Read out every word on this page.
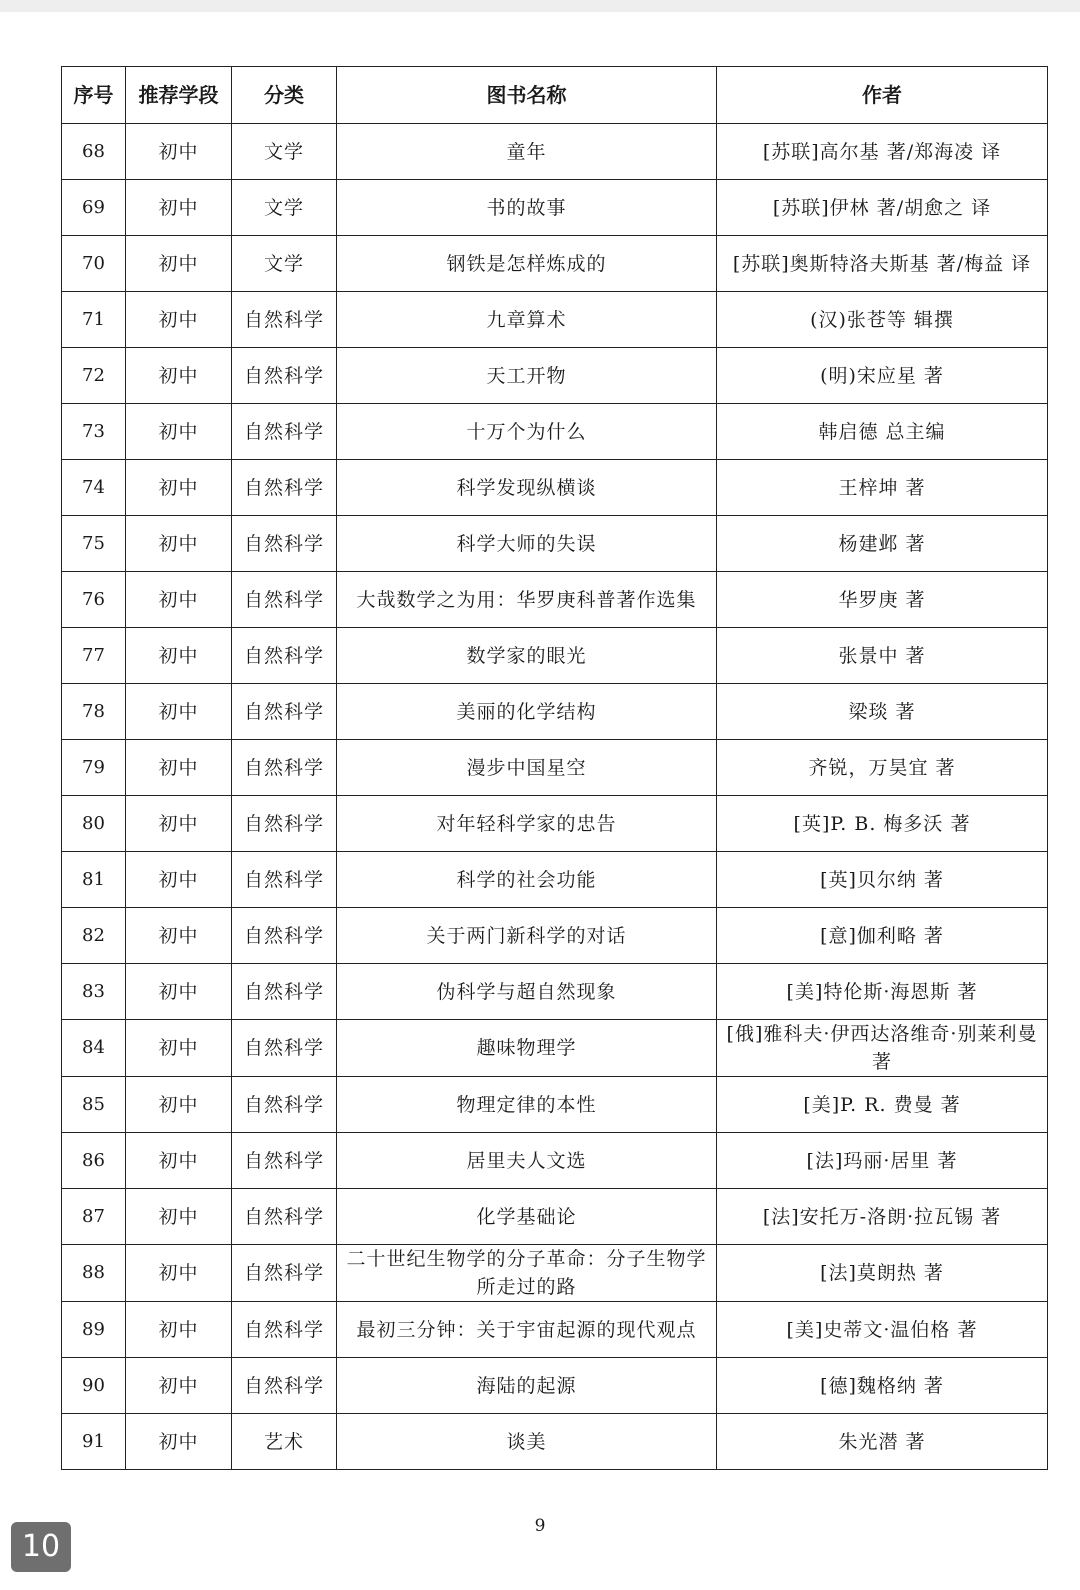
序号	推荐学段	分类	图书名称	作者
68	初中	文学	童年	[苏联]高尔基 著/郑海凌 译
69	初中	文学	书的故事	[苏联]伊林 著/胡愈之 译
70	初中	文学	钢铁是怎样炼成的	[苏联]奥斯特洛夫斯基 著/梅益 译
71	初中	自然科学	九章算术	(汉)张苍等 辑撰
72	初中	自然科学	天工开物	(明)宋应星 著
73	初中	自然科学	十万个为什么	韩启德 总主编
74	初中	自然科学	科学发现纵横谈	王梓坤 著
75	初中	自然科学	科学大师的失误	杨建邺 著
76	初中	自然科学	大哉数学之为用：华罗庚科普著作选集	华罗庚 著
77	初中	自然科学	数学家的眼光	张景中 著
78	初中	自然科学	美丽的化学结构	梁琰 著
79	初中	自然科学	漫步中国星空	齐锐，万昊宜 著
80	初中	自然科学	对年轻科学家的忠告	[英]P. B. 梅多沃 著
81	初中	自然科学	科学的社会功能	[英]贝尔纳 著
82	初中	自然科学	关于两门新科学的对话	[意]伽利略 著
83	初中	自然科学	伪科学与超自然现象	[美]特伦斯·海恩斯 著
84	初中	自然科学	趣味物理学	[俄]雅科夫·伊西达洛维奇·别莱利曼 著
85	初中	自然科学	物理定律的本性	[美]P. R. 费曼 著
86	初中	自然科学	居里夫人文选	[法]玛丽·居里 著
87	初中	自然科学	化学基础论	[法]安托万-洛朗·拉瓦锡 著
88	初中	自然科学	二十世纪生物学的分子革命：分子生物学所走过的路	[法]莫朗热 著
89	初中	自然科学	最初三分钟：关于宇宙起源的现代观点	[美]史蒂文·温伯格 著
90	初中	自然科学	海陆的起源	[德]魏格纳 著
91	初中	艺术	谈美	朱光潜 著
9
10
